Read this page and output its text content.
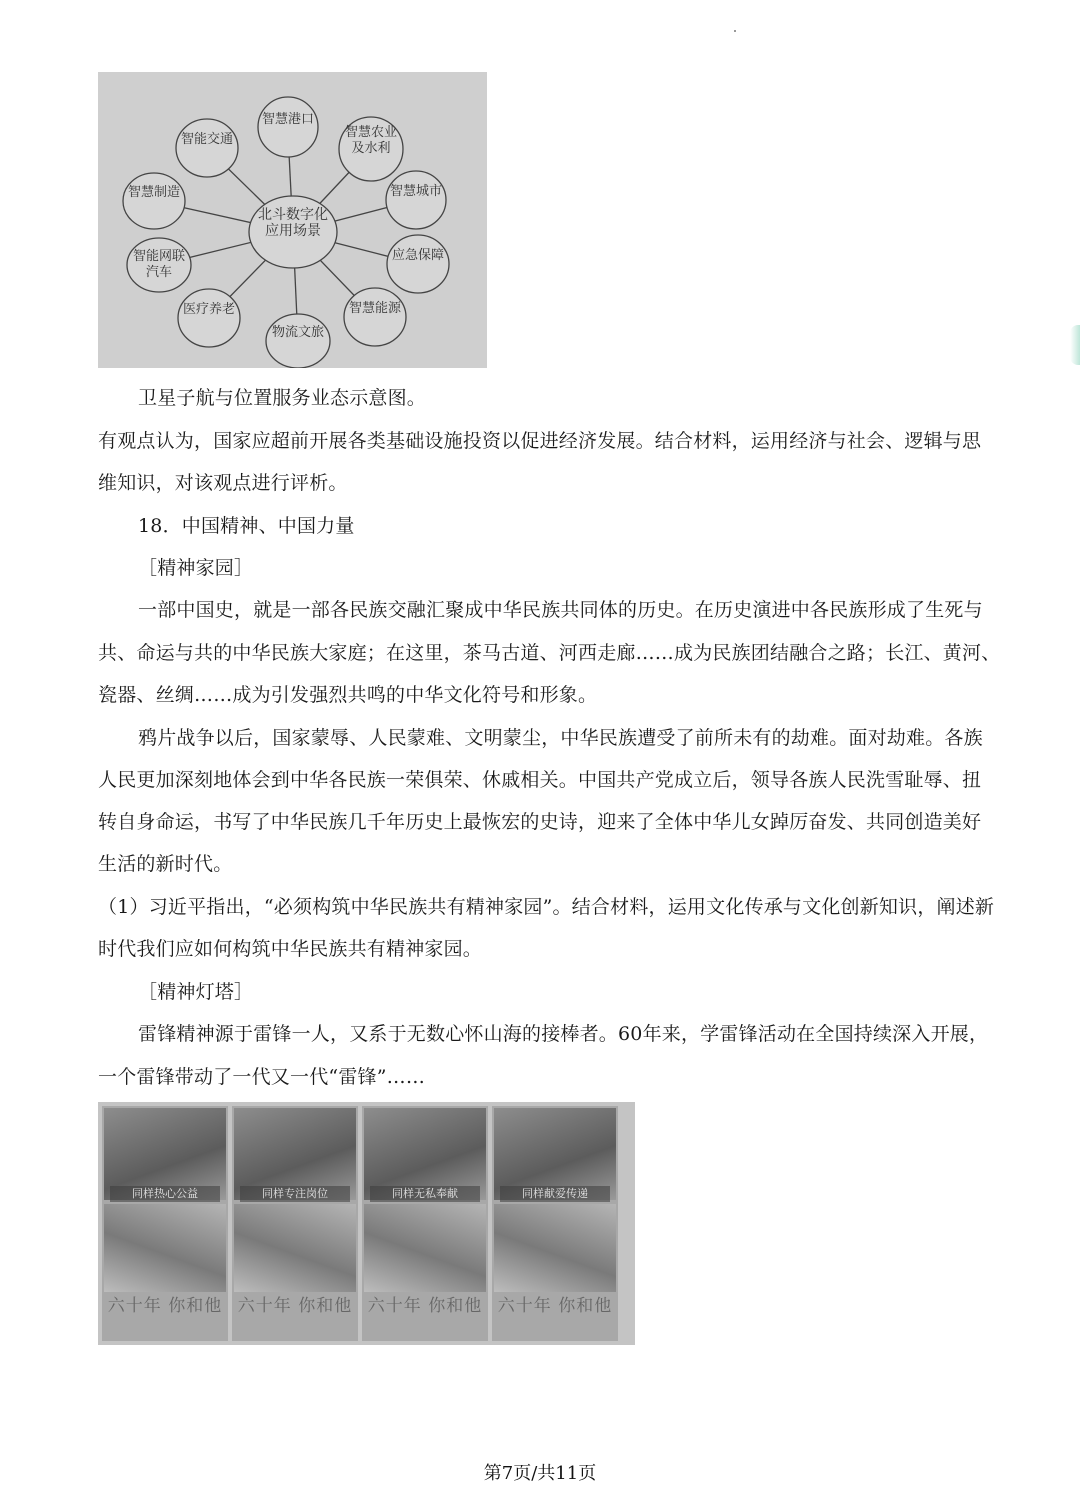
北斗数字化应用场景
智慧港口
智慧农业及水利
智慧城市
应急保障
智慧能源
物流文旅
医疗养老
智能网联汽车
智慧制造
智能交通
卫星子航与位置服务业态示意图。
有观点认为，国家应超前开展各类基础设施投资以促进经济发展。结合材料，运用经济与社会、逻辑与思
维知识，对该观点进行评析。
18．中国精神、中国力量
［精神家园］
一部中国史，就是一部各民族交融汇聚成中华民族共同体的历史。在历史演进中各民族形成了生死与
共、命运与共的中华民族大家庭；在这里，茶马古道、河西走廊……成为民族团结融合之路；长江、黄河、
瓷器、丝绸……成为引发强烈共鸣的中华文化符号和形象。
鸦片战争以后，国家蒙辱、人民蒙难、文明蒙尘，中华民族遭受了前所未有的劫难。面对劫难。各族
人民更加深刻地体会到中华各民族一荣俱荣、休戚相关。中国共产党成立后，领导各族人民洗雪耻辱、扭
转自身命运，书写了中华民族几千年历史上最恢宏的史诗，迎来了全体中华儿女踔厉奋发、共同创造美好
生活的新时代。
（1）习近平指出，“必须构筑中华民族共有精神家园”。结合材料，运用文化传承与文化创新知识，阐述新
时代我们应如何构筑中华民族共有精神家园。
［精神灯塔］
雷锋精神源于雷锋一人，又系于无数心怀山海的接棒者。60年来，学雷锋活动在全国持续深入开展，
一个雷锋带动了一代又一代“雷锋”……
同样热心公益
六十年 你和他
同样专注岗位
六十年 你和他
同样无私奉献
六十年 你和他
同样献爱传递
六十年 你和他
第7页/共11页
